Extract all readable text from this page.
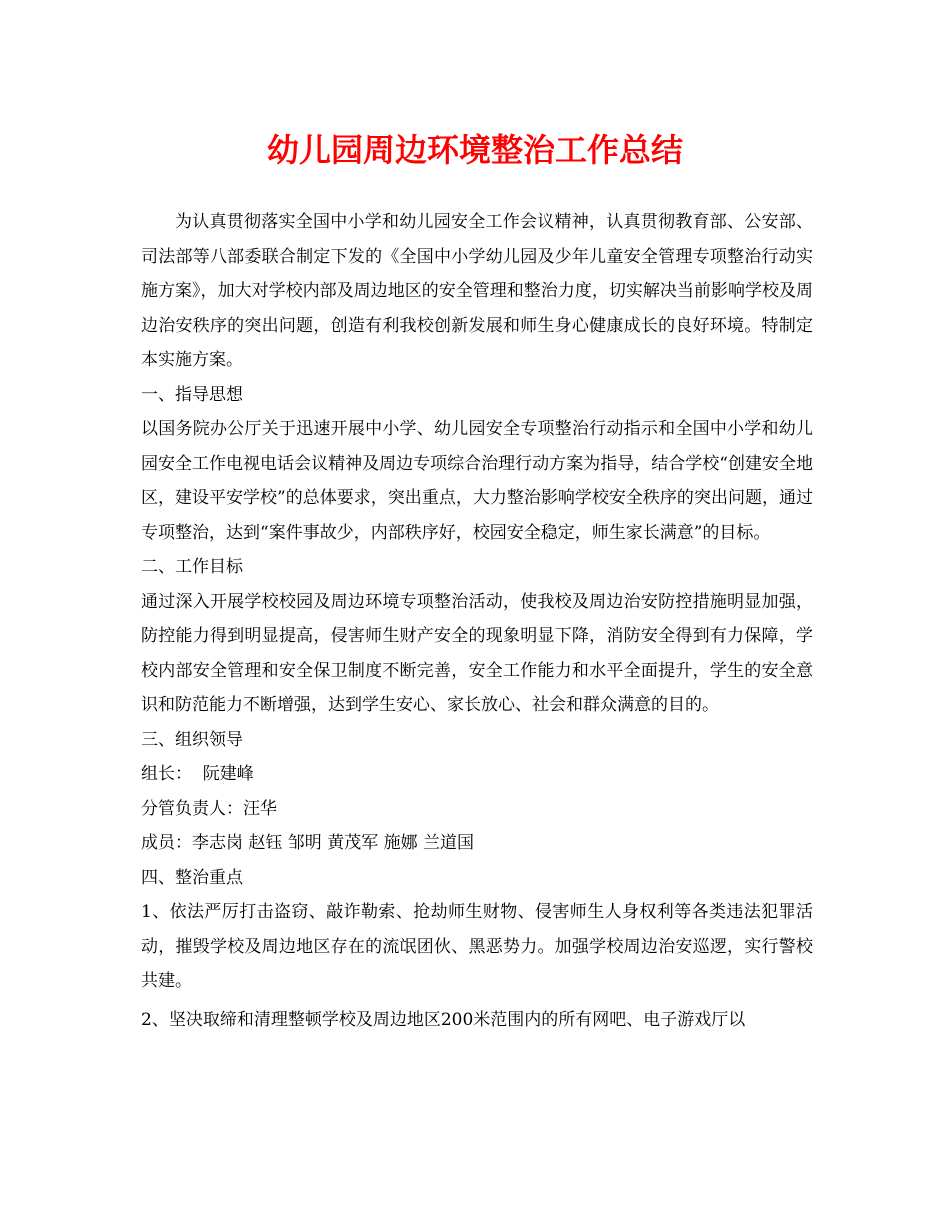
幼儿园周边环境整治工作总结

为认真贯彻落实全国中小学和幼儿园安全工作会议精神，认真贯彻教育部、公安部、司法部等八部委联合制定下发的《全国中小学幼儿园及少年儿童安全管理专项整治行动实施方案》，加大对学校内部及周边地区的安全管理和整治力度，切实解决当前影响学校及周边治安秩序的突出问题，创造有利我校创新发展和师生身心健康成长的良好环境。特制定本实施方案。

一、指导思想

以国务院办公厅关于迅速开展中小学、幼儿园安全专项整治行动指示和全国中小学和幼儿园安全工作电视电话会议精神及周边专项综合治理行动方案为指导，结合学校“创建安全地区，建设平安学校”的总体要求，突出重点，大力整治影响学校安全秩序的突出问题，通过专项整治，达到“案件事故少，内部秩序好，校园安全稳定，师生家长满意”的目标。

二、工作目标

通过深入开展学校校园及周边环境专项整治活动，使我校及周边治安防控措施明显加强，防控能力得到明显提高，侵害师生财产安全的现象明显下降，消防安全得到有力保障，学校内部安全管理和安全保卫制度不断完善，安全工作能力和水平全面提升，学生的安全意识和防范能力不断增强，达到学生安心、家长放心、社会和群众满意的目的。

三、组织领导

组长：  阮建峰

分管负责人：汪华

成员：李志岗 赵钰 邹明 黄茂军 施娜 兰道国

四、整治重点

1、依法严厉打击盗窃、敲诈勒索、抢劫师生财物、侵害师生人身权利等各类违法犯罪活动，摧毁学校及周边地区存在的流氓团伙、黑恶势力。加强学校周边治安巡逻，实行警校共建。

2、坚决取缔和清理整顿学校及周边地区200米范围内的所有网吧、电子游戏厅以
